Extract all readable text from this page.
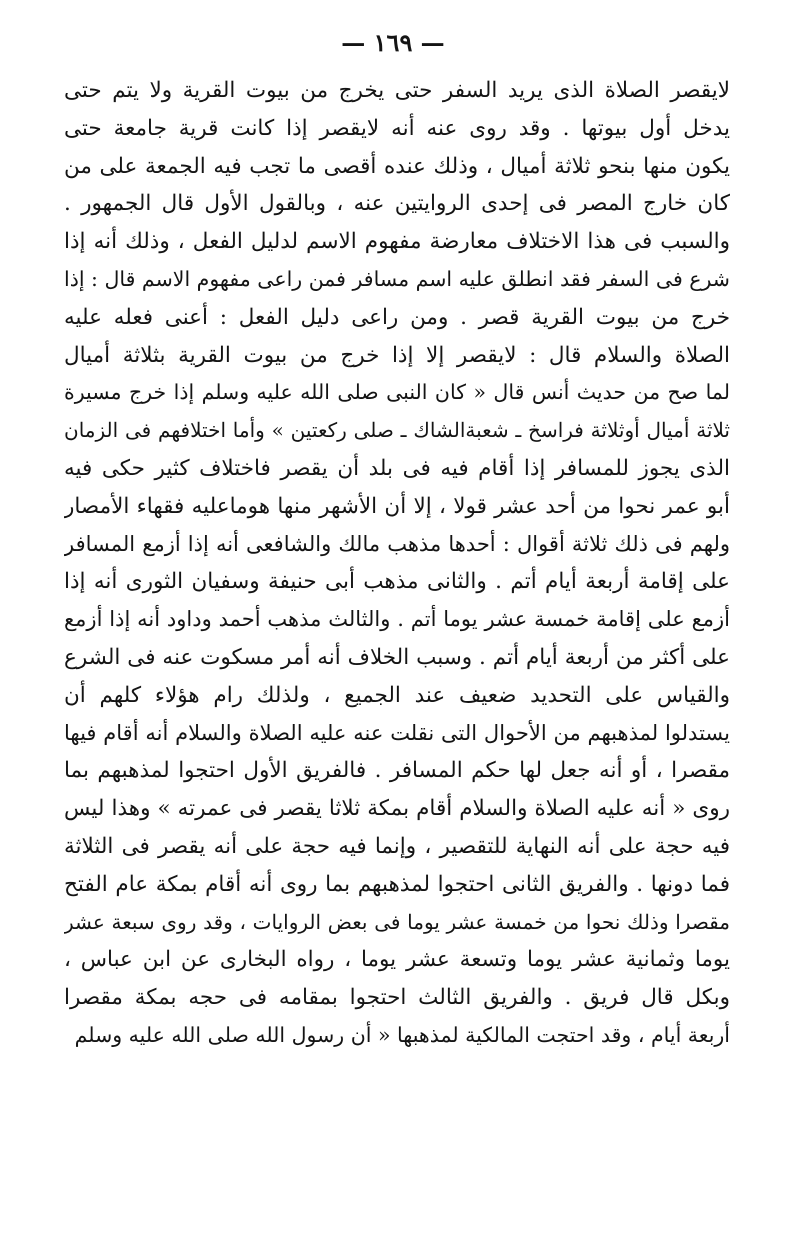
— ١٦٩ —
لايقصر الصلاة الذى يريد السفر حتى يخرج من بيوت القرية ولا يتم حتى
يدخل أول بيوتها . وقد روى عنه أنه لايقصر إذا كانت قرية جامعة حتى
يكون منها بنحو ثلاثة أميال ، وذلك عنده أقصى ما تجب فيه الجمعة على من
كان خارج المصر فى إحدى الروايتين عنه ، وبالقول الأول قال الجمهور .
والسبب فى هذا الاختلاف معارضة مفهوم الاسم لدليل الفعل ، وذلك أنه إذا
شرع فى السفر فقد انطلق عليه اسم مسافر فمن راعى مفهوم الاسم قال : إذا
خرج من بيوت القرية قصر . ومن راعى دليل الفعل : أعنى فعله عليه
الصلاة والسلام قال : لايقصر إلا إذا خرج من بيوت القرية بثلاثة أميال
لما صح من حديث أنس قال « كان النبى صلى الله عليه وسلم إذا خرج مسيرة
ثلاثة أميال أوثلاثة فراسخ ـ شعبةالشاك ـ صلى ركعتين » وأما اختلافهم فى الزمان
الذى يجوز للمسافر إذا أقام فيه فى بلد أن يقصر فاختلاف كثير حكى فيه
أبو عمر نحوا من أحد عشر قولا ، إلا أن الأشهر منها هوماعليه فقهاء الأمصار
ولهم فى ذلك ثلاثة أقوال : أحدها مذهب مالك والشافعى أنه إذا أزمع المسافر
على إقامة أربعة أيام أتم . والثانى مذهب أبى حنيفة وسفيان الثورى أنه إذا
أزمع على إقامة خمسة عشر يوما أتم . والثالث مذهب أحمد وداود أنه إذا أزمع
على أكثر من أربعة أيام أتم . وسبب الخلاف أنه أمر مسكوت عنه فى الشرع
والقياس على التحديد ضعيف عند الجميع ، ولذلك رام هؤلاء كلهم أن
يستدلوا لمذهبهم من الأحوال التى نقلت عنه عليه الصلاة والسلام أنه أقام فيها
مقصرا ، أو أنه جعل لها حكم المسافر . فالفريق الأول احتجوا لمذهبهم بما
روى « أنه عليه الصلاة والسلام أقام بمكة ثلاثا يقصر فى عمرته » وهذا ليس
فيه حجة على أنه النهاية للتقصير ، وإنما فيه حجة على أنه يقصر فى الثلاثة
فما دونها . والفريق الثانى احتجوا لمذهبهم بما روى أنه أقام بمكة عام الفتح
مقصرا وذلك نحوا من خمسة عشر يوما فى بعض الروايات ، وقد روى سبعة عشر
يوما وثمانية عشر يوما وتسعة عشر يوما ، رواه البخارى عن ابن عباس ،
وبكل قال فريق . والفريق الثالث احتجوا بمقامه فى حجه بمكة مقصرا
أربعة أيام ، وقد احتجت المالكية لمذهبها « أن رسول الله صلى الله عليه وسلم
